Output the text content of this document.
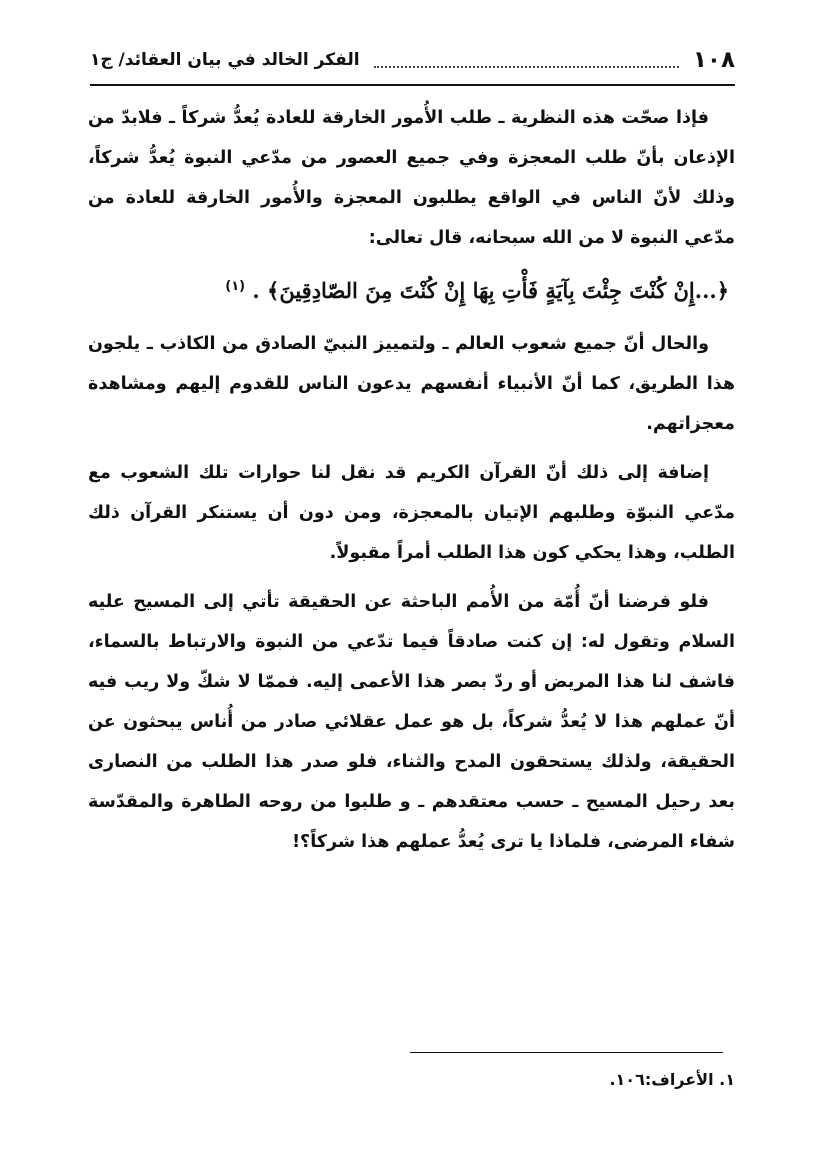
١٠٨
الفكر الخالد في بيان العقائد/ ج١

فإذا صحّت هذه النظرية ـ طلب الأُمور الخارقة للعادة يُعدُّ شركاً ـ فلابدّ من الإذعان بأنّ طلب المعجزة وفي جميع العصور من مدّعي النبوة يُعدُّ شركاً، وذلك لأنّ الناس في الواقع يطلبون المعجزة والأُمور الخارقة للعادة من مدّعي النبوة لا من الله سبحانه، قال تعالى:

﴿...إِنْ كُنْتَ جِئْتَ بِآيَةٍ فَأْتِ بِهَا إِنْ كُنْتَ مِنَ الصّادِقِينَ﴾ . $^{(١)}$

والحال أنّ جميع شعوب العالم ـ ولتمييز النبيّ الصادق من الكاذب ـ يلجون هذا الطريق، كما أنّ الأنبياء أنفسهم يدعون الناس للقدوم إليهم ومشاهدة معجزاتهم.

إضافة إلى ذلك أنّ القرآن الكريم قد نقل لنا حوارات تلك الشعوب مع مدّعي النبوّة وطلبهم الإتيان بالمعجزة، ومن دون أن يستنكر القرآن ذلك الطلب، وهذا يحكي كون هذا الطلب أمراً مقبولاً.

فلو فرضنا أنّ أُمّة من الأُمم الباحثة عن الحقيقة تأتي إلى المسيح عليه السلام وتقول له: إن كنت صادقاً فيما تدّعي من النبوة والارتباط بالسماء، فاشف لنا هذا المريض أو ردّ بصر هذا الأعمى إليه. فممّا لا شكّ ولا ريب فيه أنّ عملهم هذا لا يُعدُّ شركاً، بل هو عمل عقلائي صادر من أُناس يبحثون عن الحقيقة، ولذلك يستحقون المدح والثناء، فلو صدر هذا الطلب من النصارى بعد رحيل المسيح ـ حسب معتقدهم ـ و طلبوا من روحه الطاهرة والمقدّسة شفاء المرضى، فلماذا يا ترى يُعدُّ عملهم هذا شركاً؟!

١. الأعراف:١٠٦.
